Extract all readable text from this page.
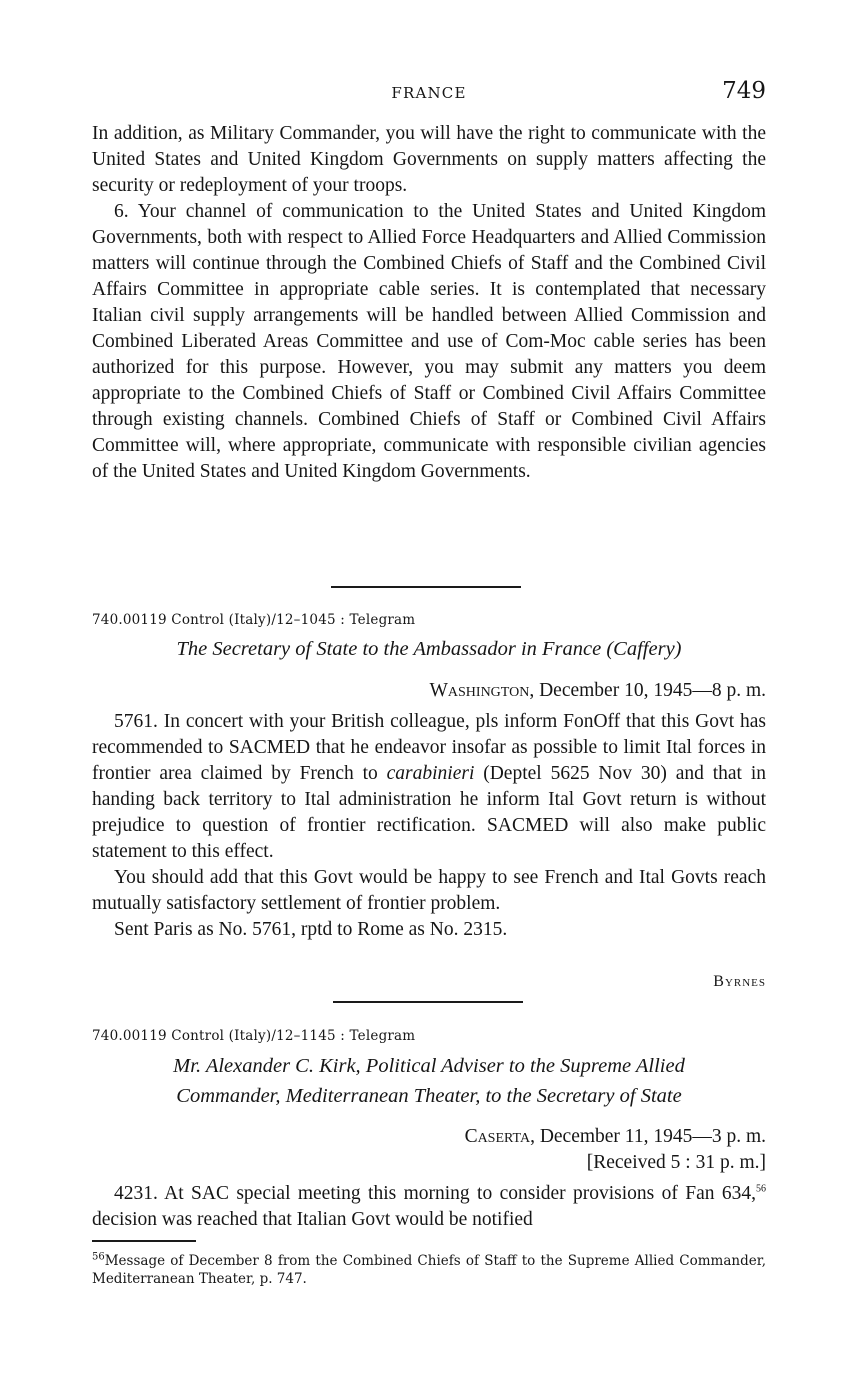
FRANCE	749

In addition, as Military Commander, you will have the right to communicate with the United States and United Kingdom Governments on supply matters affecting the security or redeployment of your troops.

6. Your channel of communication to the United States and United Kingdom Governments, both with respect to Allied Force Headquarters and Allied Commission matters will continue through the Combined Chiefs of Staff and the Combined Civil Affairs Committee in appropriate cable series. It is contemplated that necessary Italian civil supply arrangements will be handled between Allied Commission and Combined Liberated Areas Committee and use of Com-Moc cable series has been authorized for this purpose. However, you may submit any matters you deem appropriate to the Combined Chiefs of Staff or Combined Civil Affairs Committee through existing channels. Combined Chiefs of Staff or Combined Civil Affairs Committee will, where appropriate, communicate with responsible civilian agencies of the United States and United Kingdom Governments.

740.00119 Control (Italy)/12–1045 : Telegram
The Secretary of State to the Ambassador in France (Caffery)
Washington, December 10, 1945—8 p. m.

5761. In concert with your British colleague, pls inform FonOff that this Govt has recommended to SACMED that he endeavor insofar as possible to limit Ital forces in frontier area claimed by French to carabinieri (Deptel 5625 Nov 30) and that in handing back territory to Ital administration he inform Ital Govt return is without prejudice to question of frontier rectification. SACMED will also make public statement to this effect.

You should add that this Govt would be happy to see French and Ital Govts reach mutually satisfactory settlement of frontier problem.

Sent Paris as No. 5761, rptd to Rome as No. 2315.

Byrnes
740.00119 Control (Italy)/12–1145 : Telegram
Mr. Alexander C. Kirk, Political Adviser to the Supreme Allied
Commander, Mediterranean Theater, to the Secretary of State
Caserta, December 11, 1945—3 p. m.
[Received 5 : 31 p. m.]

4231. At SAC special meeting this morning to consider provisions of Fan 634,56 decision was reached that Italian Govt would be notified

$^{56}$Message of December 8 from the Combined Chiefs of Staff to the Supreme Allied Commander, Mediterranean Theater, p. 747.
